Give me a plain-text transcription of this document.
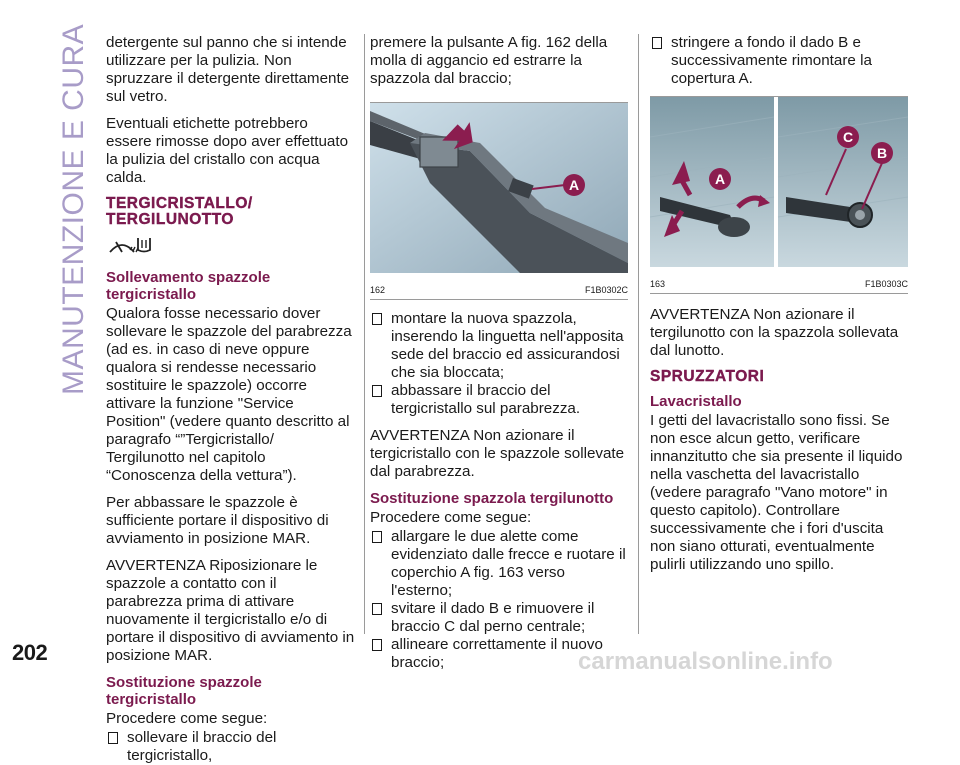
MANUTENZIONE E CURA
202

detergente sul panno che si intende utilizzare per la pulizia. Non spruzzare il detergente direttamente sul vetro.

Eventuali etichette potrebbero essere rimosse dopo aver effettuato la pulizia del cristallo con acqua calda.

TERGICRISTALLO/ TERGILUNOTTO
Sollevamento spazzole tergicristallo

Qualora fosse necessario dover sollevare le spazzole del parabrezza (ad es. in caso di neve oppure qualora si rendesse necessario sostituire le spazzole) occorre attivare la funzione "Service Position" (vedere quanto descritto al paragrafo “”Tergicristallo/ Tergilunotto nel capitolo “Conoscenza della vettura”).

Per abbassare le spazzole è sufficiente portare il dispositivo di avviamento in posizione MAR.

AVVERTENZA Riposizionare le spazzole a contatto con il parabrezza prima di attivare nuovamente il tergicristallo e/o di portare il dispositivo di avviamento in posizione MAR.

Sostituzione spazzole tergicristallo

Procedere come segue:

sollevare il braccio del tergicristallo,

premere la pulsante A fig. 162 della molla di aggancio ed estrarre la spazzola dal braccio;

A
162	F1B0302C
montare la nuova spazzola, inserendo la linguetta nell'apposita sede del braccio ed assicurandosi che sia bloccata;
abbassare il braccio del tergicristallo sul parabrezza.

AVVERTENZA Non azionare il tergicristallo con le spazzole sollevate dal parabrezza.

Sostituzione spazzola tergilunotto

Procedere come segue:

allargare le due alette come evidenziato dalle frecce e ruotare il coperchio A fig. 163 verso l'esterno;
svitare il dado B e rimuovere il braccio C dal perno centrale;
allineare correttamente il nuovo braccio;
stringere a fondo il dado B e successivamente rimontare la copertura A.
A
C
B
163	F1B0303C

AVVERTENZA Non azionare il tergilunotto con la spazzola sollevata dal lunotto.

SPRUZZATORI
Lavacristallo

I getti del lavacristallo sono fissi. Se non esce alcun getto, verificare innanzitutto che sia presente il liquido nella vaschetta del lavacristallo (vedere paragrafo "Vano motore" in questo capitolo). Controllare successivamente che i fori d'uscita non siano otturati, eventualmente pulirli utilizzando uno spillo.

carmanualsonline.info
